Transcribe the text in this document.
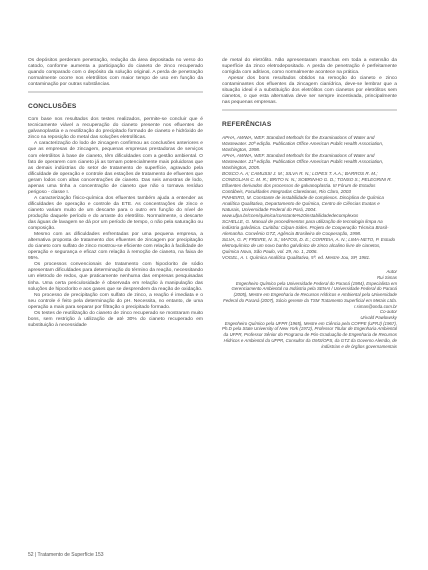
Os depósitos perderam penetração, redução da área depositada no verso do catodo, conforme aumenta a participação do cianeto de zinco recuperado quando comparado com o depósito da solução original. A perda de penetração normalmente ocorre nos eletrólitos com maior tempo de uso em função da contaminação por outras substâncias.

CONCLUSÕES

Com base nos resultados dos testes realizados, permite-se concluir que é tecnicamente viável a recuperação do cianeto presente nos efluentes de galvanoplastia e a reutilização do precipitado formado de cianeto e hidróxido de zinco na reposição do metal das soluções eletrolíticas.

A caracterização do lodo de zincagem confirmou as conclusões anteriores e que as empresas de zincagem, pequenas empresas prestadoras de serviços com eletrólitos à base de cianeto, têm dificuldades com a gestão ambiental. O fato de operarem com cianeto já as tornam potencialmente mais poluidoras que as demais indústrias do setor de tratamento de superfície, agravado pela dificuldade de operação e controle das estações de tratamento de efluentes que geram lodos com altas concentrações de cianeto. Das seis amostras de lodo, apenas uma tinha a concentração de cianeto que não o tornava resíduo perigoso - classe I.

A caracterização físico-química dos efluentes também ajuda a entender as dificuldades de operação e controle da ETE. As concentrações de zinco e cianeto variam muito de um descarte para o outro em função do nível de produção daquele período e do arraste do eletrólito. Normalmente, o descarte das águas de lavagem se dá por um período de tempo, o não pela saturação ou composição.

Mesmo com as dificuldades enfrentadas por uma pequena empresa, a alternativa proposta de tratamento dos efluentes de zincagem por precipitação do cianeto com sulfato de zinco mostrou-se eficiente com relação à facilidade de operação e segurança e eficaz com relação à remoção de cianeto, na faixa de 95%.

Os processos convencionais de tratamento com hipoclorito de sódio apresentam dificuldades para determinação do término da reação, necessitando um eletrodo de redox, que praticamente nenhuma das empresas pesquisadas tinha. Uma certa periculosidade é observada em relação à manipulação das soluções de hipoclorito e aos gases que se desprendem da reação de oxidação.

No processo de precipitação com sulfato de zinco, a reação é imediata e o seu controle é feito pela determinação do pH. Necessita, no entanto, de uma operação a mais para separar por filtração o precipitado formado.

Os testes de reutilização do cianeto de zinco recuperado se mostraram muito bons, sem restrição à utilização de até 30% do cianeto recuperado em substituição à necessidade

de metal do eletrólito. Não apresentaram manchas em toda a extensão da superfície da zinco eletrodepositado. A perda de penetração é perfeitamente corrigida com aditivos, como normalmente acontece na prática.

Apesar dos bons resultados obtidos na remoção do cianeto e zinco contaminantes dos efluentes da zincagem cianídrica, deve-se lembrar que a situação ideal é a substituição dos eletrólitos com cianetos por eletrólitos sem cianetos, o que esta alternativa deve ser sempre incentivada, principalmente nas pequenas empresas.

REFERÊNCIAS

APHA, AWWA, WEF. Standard Methods for the Examinations of Water and Wastewater. 20ª edição. Publication Office American Public Health Association, Washington, 1998.

APHA, AWWA, WEF. Standard Methods for the Examinations of Water and Wastewater. 21ª edição. Publication Office American Public Health Association, Washington, 2005.

BOSCO A. A; CAMUSSI J. M.; SILVA R. N.; LOPES T. A.A.; BARROS R. M.; CONEGLIAN C. M. R.; BRITO N. N.; SOBRINHO G. D.; TONSO S.; PELEGRINI R. Efluentes derivados dos processos de galvanoplastia. III Fórum de Estudos Contábeis, Faculdades Integradas Claretianas, Rio Claro, 2003

PINHEIRO, M. Constante de instabilidade de complexos. Disciplina de Química Analítica Qualitativa, Departamento de Química, Centro de Ciências Exatas e Naturais, Universidade Federal do Pará, 2004. www.ufpa.br/ccen/quimica/constante%20instabilidadedecomplexos

SCHELLE, G. Manual de procedimentos para utilização de tecnologia limpa na indústria galvânica. Curitiba: Cilpan-Sides. Projeto de Cooperação Técnica Brasil-Alemanha. Convênio GTZ, Agência Brasileira de Cooperação, 1998.

SILVA, G. P; FREIRE, N. S.; MATOS, D. E.; CORREIA, A. N.; LIMA-NETO, P. Estudo eletroquímico de um novo banho galvânico de zinco alcalino livre de cianetos, Química Nova, São Paulo, vol. 29, no. 1, 2006.

VOGEL, A. I. Química Analítica Qualitativa, 5ª. ed. Mestre Jou, SP, 1981.

Autor

Rui Simas

Engenheiro Químico pela Universidade Federal do Paraná (1984), Especialista em Gerenciamento Ambiental na Indústria pela SENAI / Universidade Federal do Paraná (2005), Mestre em Engenharia de Recursos Hídricos e Ambiental pela Universidade Federal do Paraná (2007), Sócio gerente da TSM Tratamento Superficial em Metais Ltda.

r.simas@onda.com.br

Co-autor

Urivald Pawlowsky

Engenheiro Químico pela UFPR (1965), Mestre em Ciência pela COPPE (UFRJ) (1967), Ph.D pela State University of New York (1972), Professor Titular de Engenharia Ambiental da UFPR, Professor Sênior do Programa de Pós-Graduação de Engenharia de Recursos Hídricos e Ambiental da UFPR, Consultor da OMS/OPS, da GTZ da Governo Alemão, de indústrias e de órgãos governamentais

52 | Tratamento de Superfície 153
